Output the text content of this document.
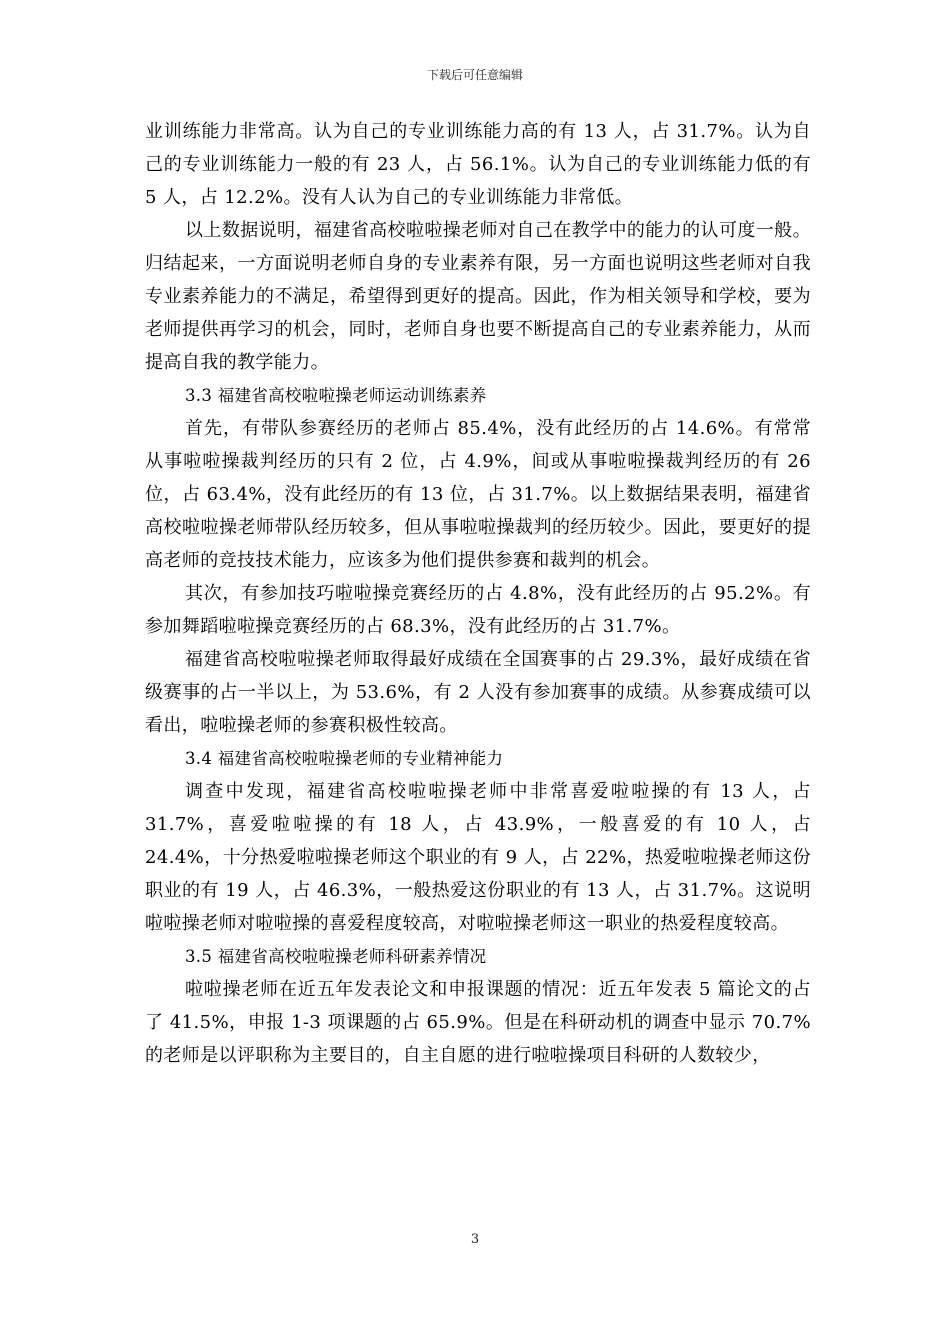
下载后可任意编辑

业训练能力非常高。认为自己的专业训练能力高的有 13 人，占 31.7%。认为自己的专业训练能力一般的有 23 人，占 56.1%。认为自己的专业训练能力低的有 5 人，占 12.2%。没有人认为自己的专业训练能力非常低。

以上数据说明，福建省高校啦啦操老师对自己在教学中的能力的认可度一般。归结起来，一方面说明老师自身的专业素养有限，另一方面也说明这些老师对自我专业素养能力的不满足，希望得到更好的提高。因此，作为相关领导和学校，要为老师提供再学习的机会，同时，老师自身也要不断提高自己的专业素养能力，从而提高自我的教学能力。

3.3 福建省高校啦啦操老师运动训练素养

首先，有带队参赛经历的老师占 85.4%，没有此经历的占 14.6%。有常常从事啦啦操裁判经历的只有 2 位，占 4.9%，间或从事啦啦操裁判经历的有 26 位，占 63.4%，没有此经历的有 13 位，占 31.7%。以上数据结果表明，福建省高校啦啦操老师带队经历较多，但从事啦啦操裁判的经历较少。因此，要更好的提高老师的竞技技术能力，应该多为他们提供参赛和裁判的机会。

其次，有参加技巧啦啦操竞赛经历的占 4.8%，没有此经历的占 95.2%。有参加舞蹈啦啦操竞赛经历的占 68.3%，没有此经历的占 31.7%。

福建省高校啦啦操老师取得最好成绩在全国赛事的占 29.3%，最好成绩在省级赛事的占一半以上，为 53.6%，有 2 人没有参加赛事的成绩。从参赛成绩可以看出，啦啦操老师的参赛积极性较高。

3.4 福建省高校啦啦操老师的专业精神能力

调查中发现，福建省高校啦啦操老师中非常喜爱啦啦操的有 13 人，占 31.7%，喜爱啦啦操的有 18 人，占 43.9%，一般喜爱的有 10 人，占 24.4%，十分热爱啦啦操老师这个职业的有 9 人，占 22%，热爱啦啦操老师这份职业的有 19 人，占 46.3%，一般热爱这份职业的有 13 人，占 31.7%。这说明啦啦操老师对啦啦操的喜爱程度较高，对啦啦操老师这一职业的热爱程度较高。

3.5 福建省高校啦啦操老师科研素养情况

啦啦操老师在近五年发表论文和申报课题的情况：近五年发表 5 篇论文的占了 41.5%，申报 1-3 项课题的占 65.9%。但是在科研动机的调查中显示 70.7%的老师是以评职称为主要目的，自主自愿的进行啦啦操项目科研的人数较少，

3
